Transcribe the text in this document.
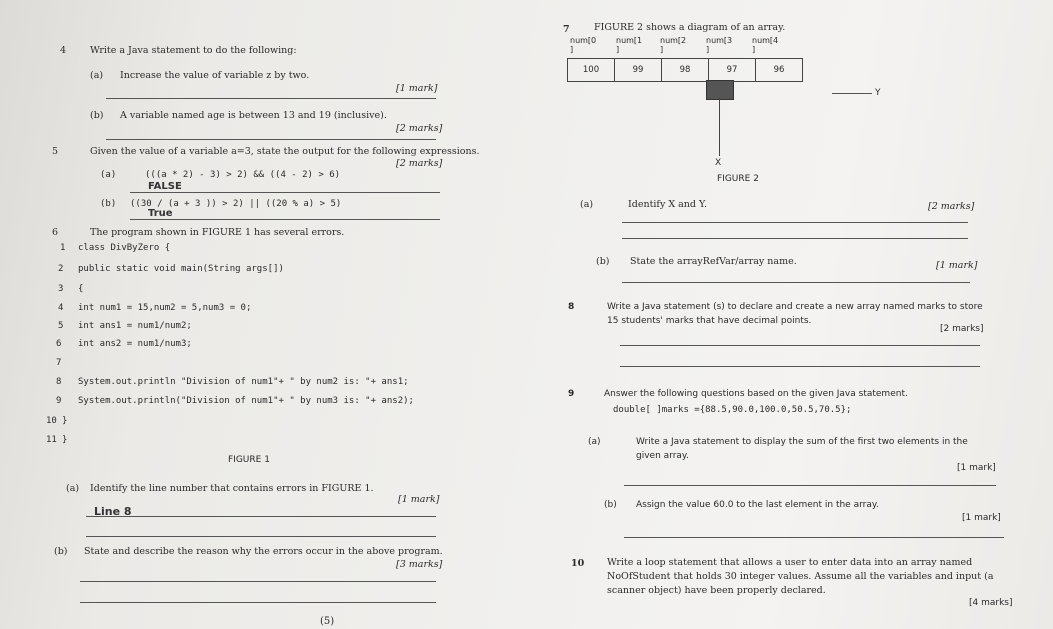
4	Write a Java statement to do the following:
(a) Increase the value of variable z by two.
[1 mark]
(b) A variable named age is between 13 and 19 (inclusive).
[2 marks]
5	Given the value of a variable a=3, state the output for the following expressions.
[2 marks]
(a)	(((a * 2) - 3) > 2) && ((4 - 2) > 6)
FALSE
(b) ((30 / (a + 3 )) > 2) || ((20 % a) > 5)
True
6	The program shown in FIGURE 1 has several errors.
1 class DivByZero {
2 public static void main(String args[])
3 {
4 int num1 = 15,num2 = 5,num3 = 0;
5 int ans1 = num1/num2;
6 int ans2 = num1/num3;
7
8 System.out.println "Division of num1"+ " by num2 is: "+ ans1;
9 System.out.println("Division of num1"+ " by num3 is: "+ ans2);
10 }
11 }
FIGURE 1
(a) Identify the line number that contains errors in FIGURE 1.
[1 mark]
Line 8
(b) State and describe the reason why the errors occur in the above program.
[3 marks]
(5)
7	FIGURE 2 shows a diagram of an array.
num[0
]
num[1
]
num[2
]
num[3
]
num[4
]
100	99	98	97	96
X
Y
FIGURE 2
(a)	Identify X and Y.	[2 marks]
(b) State the arrayRefVar/array name.	[1 mark]
8	Write a Java statement (s) to declare and create a new array named marks to store
15 students' marks that have decimal points.
[2 marks]
9	Answer the following questions based on the given Java statement.
double[ ]marks ={88.5,90.0,100.0,50.5,70.5};
(a)	Write a Java statement to display the sum of the first two elements in the
given array.
[1 mark]
(b) Assign the value 60.0 to the last element in the array.
[1 mark]
10 Write a loop statement that allows a user to enter data into an array named
NoOfStudent that holds 30 integer values. Assume all the variables and input (a
scanner object) have been properly declared.
[4 marks]
